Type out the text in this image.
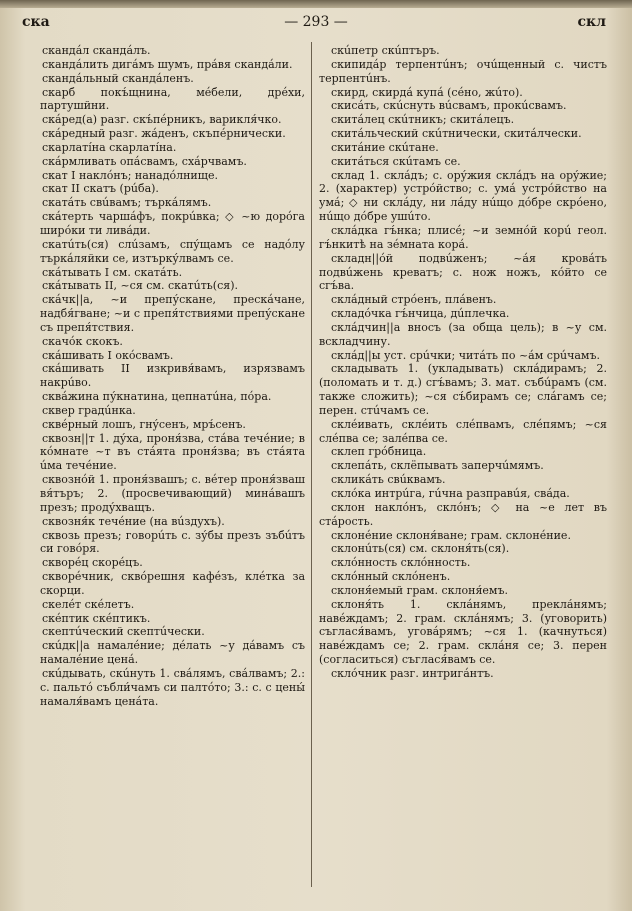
ска	— 293 —	скл

скандáл скандáлъ.

скандáлить дигáмъ шумъ, прáвя скандáли.

скандáльный скандáленъ.

скарб покъ́щнина, мéбели, дрéхи, партушйни.

скáред(а) разг. скъ́пéрникъ, варикля́чко.

скáредный разг. жáденъ, скъпéрнически.

скарлатíна скарлатíна.

скáрмливать опáсвамъ, схáрчвамъ.

скат I наклóнъ; нанадóлнище.

скат II скатъ (рúба).

скатáть свúвамъ; търкáлямъ.

скáтерть чаршáфъ, покрúвка; ◇ ~ю дорóга ширóки ти ливáди.

скатúть(ся) слúзамъ, спу́щамъ се надóлу търкáляйки се, изтъркýлвамъ се.

скáтывать I см. скатáть.

скáтывать II, ~ся см. скатúть(ся).

скáчк||а, ~и препу́скане, прескáчане, надбя́гване; ~и с препя́тствиями препу́скане съ препя́тствия.

скачóк скокъ.

скáшивать I окóсвамъ.

скáшивать II изкривя́вамъ, изрязвамъ накрúво.

сквáжина пу́кнатина, цепнатúна, пóра.

сквер градúнка.

сквéрный лошъ, гнýсенъ, мръ́сенъ.

сквозн||т 1. ду́ха, проня́зва, стáва течéние; в кóмнате ~т въ стáята проня́зва; въ стáята úма течéние.

сквознóй 1. проня́звашъ; с. вéтер проня́зваш вя́търъ; 2. (просвечивающий) минáвашъ презъ; проду́хващъ.

сквозня́к течéние (на вúздухъ).

сквозь презъ; говорúть с. зу́бы презъ зъбúтъ си говóря.

скворéц скорéцъ.

скворéчник, сквóрешня кафéзъ, клéтка за скорци.

скелéт скéлетъ.

скéптик скéптикъ.

скептúческий скептúчески.

скúдк||а намалéние; дéлать ~у дáвамъ съ намалéние ценá.

скúдывать, скúнуть 1. свáлямъ, свáлвамъ; 2.: с. пальтó събли́чамъ си палтóто; 3.: с. с цены́ намаля́вамъ ценáта.

скúпетр скúптъръ.

скипидáр терпентúнъ; очúщенный с. чистъ терпентúнъ.

скирд, скирдá купá (сéно, жúто).

скисáть, скúснуть вúсвамъ, прокúсвамъ.

скитáлец скúтникъ; скитáлецъ.

скитáльческий скúтнически, скитáлчески.

скитáние скúтане.

скитáться скúтамъ се.

склад 1. склáдъ; с. орýжия склáдъ на орýжие; 2. (характер) устрóйство; с. умá устрóйство на умá; ◇ ни склáду, ни лáду нúщо дóбре скрóено, нúщо дóбре ушúто.

склáдка гъ́нка; плисé; ~и земнóй корú геол. гъ́нкитѣ на зéмната корá.

складн||óй подвúженъ; ~áя кровáть подвúжень креватъ; с. нож ножъ, кóйто се сгъ́ва.

склáдный стрóенъ, плáвенъ.

складóчка гъ́нчица, дúплечка.

склáдчин||а вносъ (за обща цель); в ~у см. вскладчину.

склáд||ы уст. срúчки; читáть по ~áм срúчамъ.

складывать 1. (укладывать) склáдирамъ; 2. (поломать и т. д.) сгъ́вамъ; 3. мат. събúрамъ (см. также сложить); ~ся съ́бирамъ се; слáгамъ се; перен. стúчамъ се.

склéивать, склéить слéпвамъ, слéпямъ; ~ся слéпва се; залéпва се.

склеп грóбница.

склепáть, склёпывать заперчúмямъ.

скликáть свúквамъ.

склóка интрúга, гúчна разправúя, свáда.

склон наклóнъ, склóнъ; ◇ на ~е лет въ стáрость.

склонéние склоня́ване; грам. склонéние.

склонúть(ся) см. склоня́ть(ся).

склóнность склóнность.

склóнный склóненъ.

склоня́емый грам. склоня́емъ.

склоня́ть 1. склáнямъ, прекла́нямъ; навéждамъ; 2. грам. склáнямъ; 3. (уговорить) съглася́вамъ, уговáрямъ; ~ся 1. (качнуться) навéждамъ се; 2. грам. склáня се; 3. перен (согласиться) съглася́вамъ се.

склóчник разг. интригáнтъ.
